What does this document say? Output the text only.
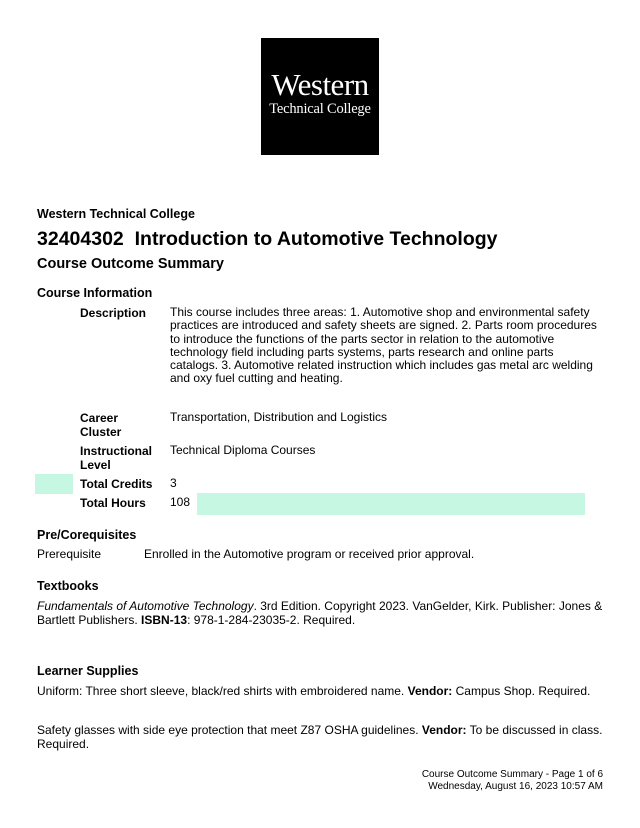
Western
Technical College
Western Technical College
32404302 Introduction to Automotive Technology
Course Outcome Summary
Course Information
Description This course includes three areas: 1. Automotive shop and environmental safety practices are introduced and safety sheets are signed. 2. Parts room procedures to introduce the functions of the parts sector in relation to the automotive technology field including parts systems, parts research and online parts catalogs. 3. Automotive related instruction which includes gas metal arc welding and oxy fuel cutting and heating.
Career Cluster
Transportation, Distribution and Logistics
Instructional Level
Technical Diploma Courses
Total Credits 3
Total Hours 108
Pre/Corequisites
Prerequisite	Enrolled in the Automotive program or received prior approval.
Textbooks
Fundamentals of Automotive Technology. 3rd Edition. Copyright 2023. VanGelder, Kirk. Publisher: Jones & Bartlett Publishers. ISBN-13: 978-1-284-23035-2. Required.
Learner Supplies
Uniform: Three short sleeve, black/red shirts with embroidered name. Vendor: Campus Shop. Required.
Safety glasses with side eye protection that meet Z87 OSHA guidelines. Vendor: To be discussed in class. Required.
Course Outcome Summary - Page 1 of 6
Wednesday, August 16, 2023 10:57 AM
